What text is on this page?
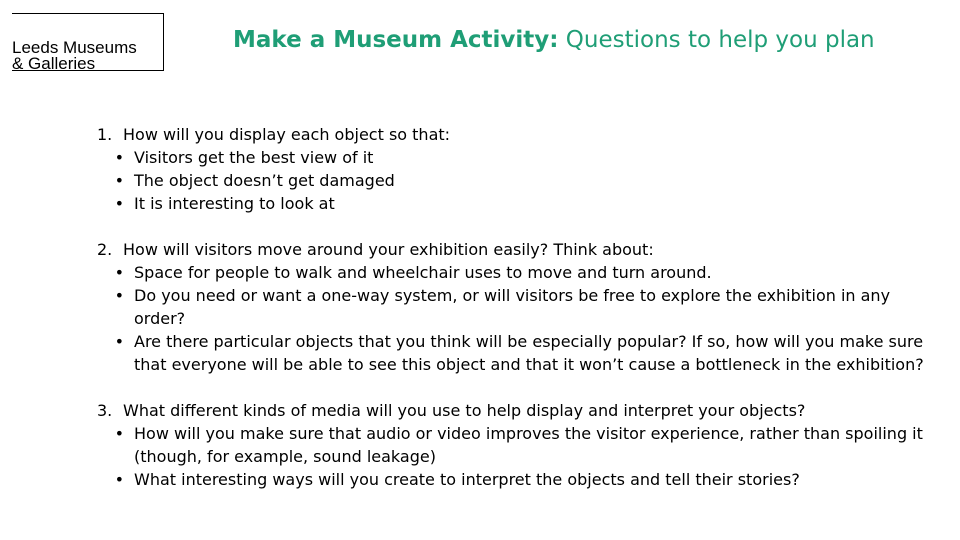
Leeds Museums
& Galleries
Make a Museum Activity: Questions to help you plan
1. How will you display each object so that:
• Visitors get the best view of it
• The object doesn’t get damaged
• It is interesting to look at
2. How will visitors move around your exhibition easily? Think about:
• Space for people to walk and wheelchair uses to move and turn around.
• Do you need or want a one-way system, or will visitors be free to explore the exhibition in any order?
• Are there particular objects that you think will be especially popular? If so, how will you make sure that everyone will be able to see this object and that it won’t cause a bottleneck in the exhibition?
3. What different kinds of media will you use to help display and interpret your objects?
• How will you make sure that audio or video improves the visitor experience, rather than spoiling it (though, for example, sound leakage)
• What interesting ways will you create to interpret the objects and tell their stories?
